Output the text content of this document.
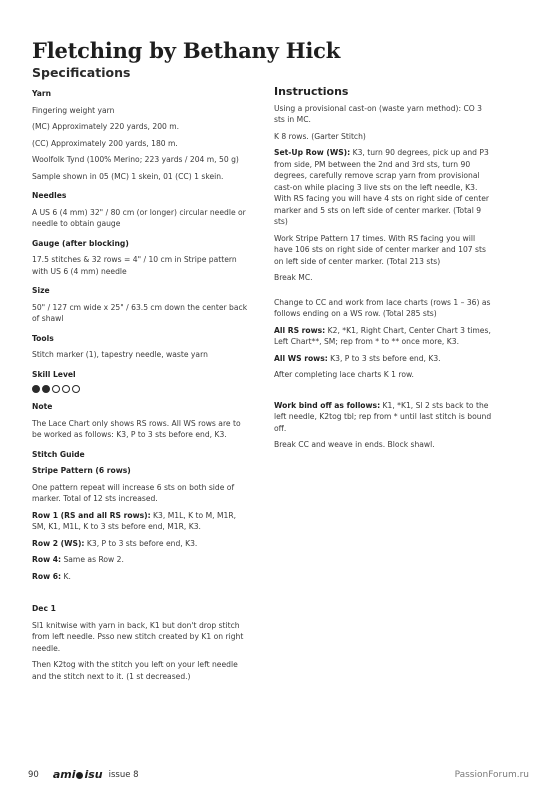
Fletching by Bethany Hick
Specifications

Yarn

Fingering weight yarn

(MC) Approximately 220 yards, 200 m.

(CC) Approximately 200 yards, 180 m.

Woolfolk Tynd (100% Merino; 223 yards / 204 m, 50 g)

Sample shown in 05 (MC) 1 skein, 01 (CC) 1 skein.

Needles

A US 6 (4 mm) 32" / 80 cm (or longer) circular needle or needle to obtain gauge

Gauge (after blocking)

17.5 stitches & 32 rows = 4" / 10 cm in Stripe pattern with US 6 (4 mm) needle

Size

50" / 127 cm wide x 25" / 63.5 cm down the center back of shawl

Tools

Stitch marker (1), tapestry needle, waste yarn

Skill Level

Note

The Lace Chart only shows RS rows. All WS rows are to be worked as follows: K3, P to 3 sts before end, K3.

Stitch Guide

Stripe Pattern (6 rows)

One pattern repeat will increase 6 sts on both side of marker. Total of 12 sts increased.

Row 1 (RS and all RS rows): K3, M1L, K to M, M1R, SM, K1, M1L, K to 3 sts before end, M1R, K3.

Row 2 (WS): K3, P to 3 sts before end, K3.

Row 4: Same as Row 2.

Row 6: K.

Dec 1

Sl1 knitwise with yarn in back, K1 but don't drop stitch from left needle. Psso new stitch created by K1 on right needle.

Then K2tog with the stitch you left on your left needle and the stitch next to it. (1 st decreased.)

Instructions

Using a provisional cast-on (waste yarn method): CO 3 sts in MC.

K 8 rows. (Garter Stitch)

Set-Up Row (WS): K3, turn 90 degrees, pick up and P3 from side, PM between the 2nd and 3rd sts, turn 90 degrees, carefully remove scrap yarn from provisional cast-on while placing 3 live sts on the left needle, K3. With RS facing you will have 4 sts on right side of center marker and 5 sts on left side of center marker. (Total 9 sts)

Work Stripe Pattern 17 times. With RS facing you will have 106 sts on right side of center marker and 107 sts on left side of center marker. (Total 213 sts)

Break MC.

Change to CC and work from lace charts (rows 1 – 36) as follows ending on a WS row. (Total 285 sts)

All RS rows: K2, *K1, Right Chart, Center Chart 3 times, Left Chart**, SM; rep from * to ** once more, K3.

All WS rows: K3, P to 3 sts before end, K3.

After completing lace charts K 1 row.

Work bind off as follows: K1, *K1, Sl 2 sts back to the left needle, K2tog tbl; rep from * until last stitch is bound off.

Break CC and weave in ends. Block shawl.

90 ami isu issue 8	PassionForum.ru
